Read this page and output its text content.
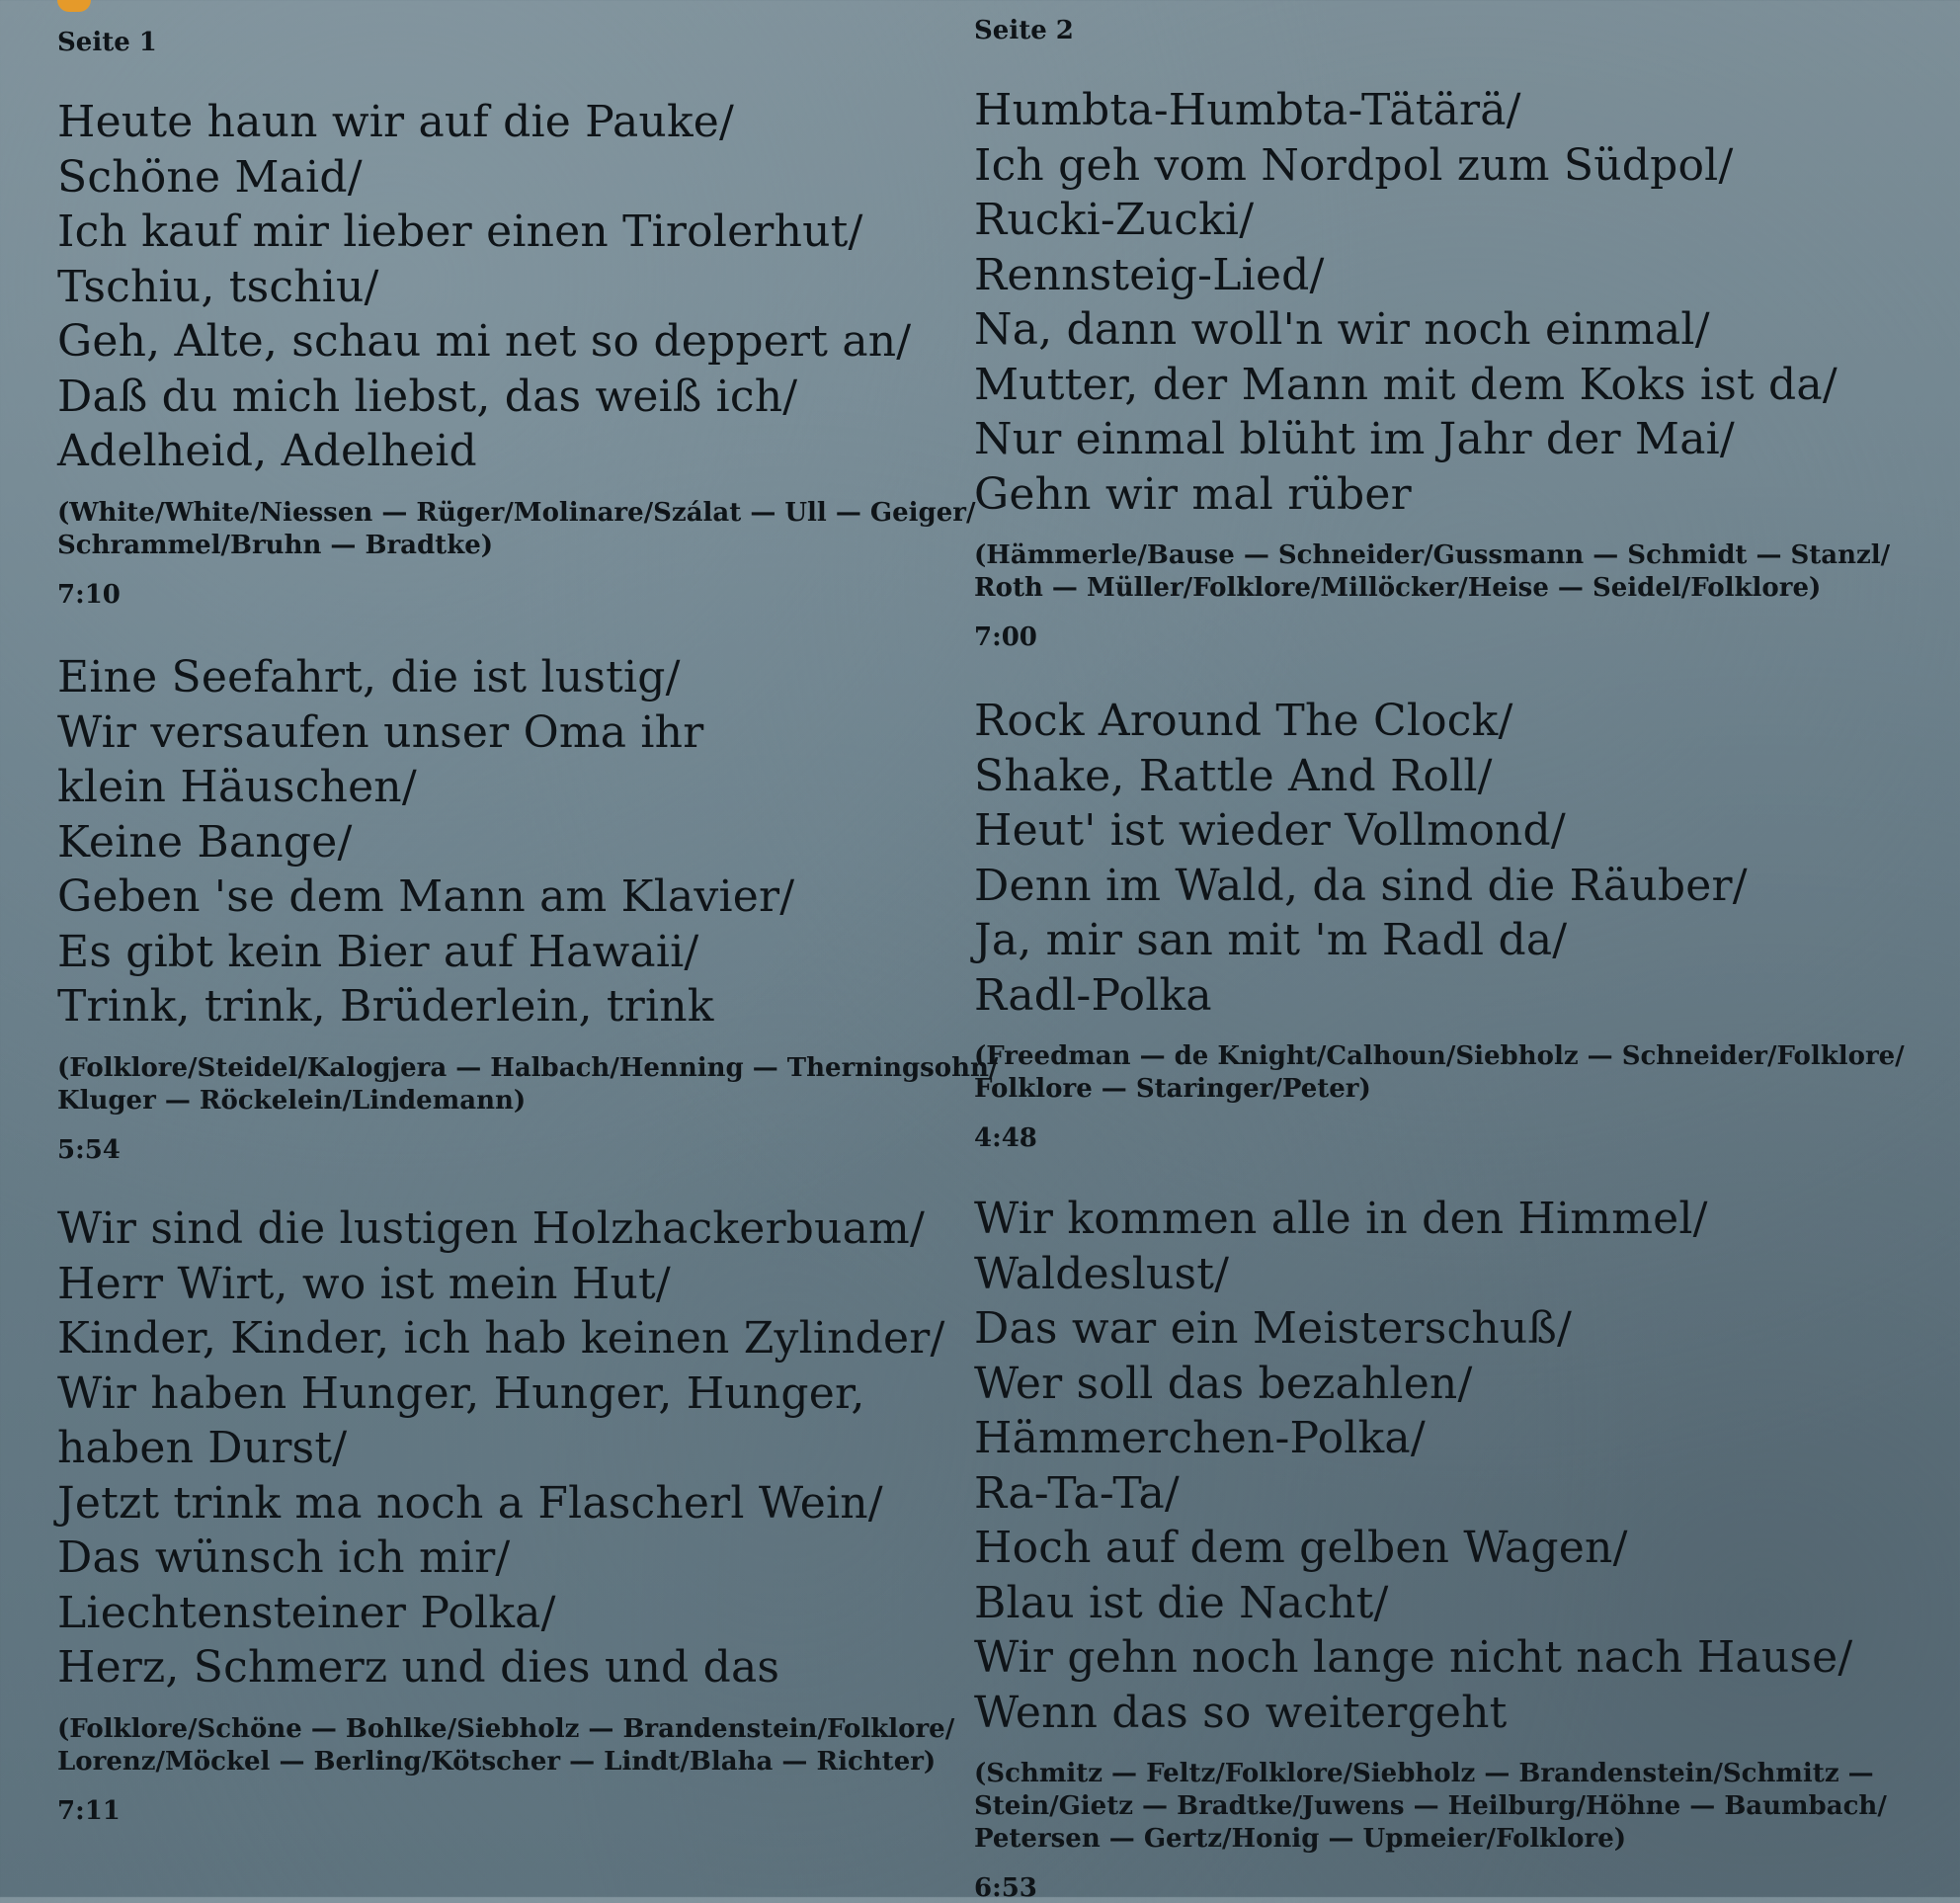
Seite 1
Heute haun wir auf die Pauke/
Schöne Maid/
Ich kauf mir lieber einen Tirolerhut/
Tschiu, tschiu/
Geh, Alte, schau mi net so deppert an/
Daß du mich liebst, das weiß ich/
Adelheid, Adelheid
(White/White/Niessen — Rüger/Molinare/Szálat — Ull — Geiger/
Schrammel/Bruhn — Bradtke)
7:10
Eine Seefahrt, die ist lustig/
Wir versaufen unser Oma ihr
klein Häuschen/
Keine Bange/
Geben 'se dem Mann am Klavier/
Es gibt kein Bier auf Hawaii/
Trink, trink, Brüderlein, trink
(Folklore/Steidel/Kalogjera — Halbach/Henning — Therningsohn/
Kluger — Röckelein/Lindemann)
5:54
Wir sind die lustigen Holzhackerbuam/
Herr Wirt, wo ist mein Hut/
Kinder, Kinder, ich hab keinen Zylinder/
Wir haben Hunger, Hunger, Hunger,
haben Durst/
Jetzt trink ma noch a Flascherl Wein/
Das wünsch ich mir/
Liechtensteiner Polka/
Herz, Schmerz und dies und das
(Folklore/Schöne — Bohlke/Siebholz — Brandenstein/Folklore/
Lorenz/Möckel — Berling/Kötscher — Lindt/Blaha — Richter)
7:11
Seite 2
Humbta-Humbta-Tätärä/
Ich geh vom Nordpol zum Südpol/
Rucki-Zucki/
Rennsteig-Lied/
Na, dann woll'n wir noch einmal/
Mutter, der Mann mit dem Koks ist da/
Nur einmal blüht im Jahr der Mai/
Gehn wir mal rüber
(Hämmerle/Bause — Schneider/Gussmann — Schmidt — Stanzl/
Roth — Müller/Folklore/Millöcker/Heise — Seidel/Folklore)
7:00
Rock Around The Clock/
Shake, Rattle And Roll/
Heut' ist wieder Vollmond/
Denn im Wald, da sind die Räuber/
Ja, mir san mit 'm Radl da/
Radl-Polka
(Freedman — de Knight/Calhoun/Siebholz — Schneider/Folklore/
Folklore — Staringer/Peter)
4:48
Wir kommen alle in den Himmel/
Waldeslust/
Das war ein Meisterschuß/
Wer soll das bezahlen/
Hämmerchen-Polka/
Ra-Ta-Ta/
Hoch auf dem gelben Wagen/
Blau ist die Nacht/
Wir gehn noch lange nicht nach Hause/
Wenn das so weitergeht
(Schmitz — Feltz/Folklore/Siebholz — Brandenstein/Schmitz —
Stein/Gietz — Bradtke/Juwens — Heilburg/Höhne — Baumbach/
Petersen — Gertz/Honig — Upmeier/Folklore)
6:53
